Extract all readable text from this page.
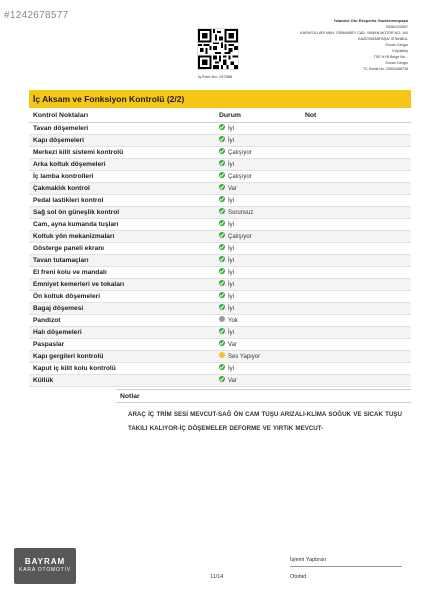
#1242678577
İş Emri No: 197586
İstanbul Oto Ekspertiz Gaziosmanpaşa
05362220067
KARAYOLLARI MAH. OSMANBEY CAD. YAMAN MOTOR NO: 164
GAZİOSMANPAŞA/ İSTANBUL
Özcan Cengiz
Küçükköy
TSE HYB Belge No: -
Özcan Cengiz
TC Kimlik No: 20504468738
İç Aksam ve Fonksiyon Kontrolü (2/2)
Kontrol Noktaları	Durum	Not
Tavan döşemeleri	İyi	
Kapı döşemeleri	İyi	
Merkezi kilit sistemi kontrolü	Çalışıyor	
Arka koltuk döşemeleri	İyi	
İç lamba kontrolleri	Çalışıyor	
Çakmaklık kontrol	Var	
Pedal lastikleri kontrol	İyi	
Sağ sol ön güneşlik kontrol	Sorunsuz	
Cam, ayna kumanda tuşları	İyi	
Koltuk yön mekanizmaları	Çalışıyor	
Gösterge paneli ekranı	İyi	
Tavan tutamaçları	İyi	
El freni kolu ve mandalı	İyi	
Emniyet kemerleri ve tokaları	İyi	
Ön koltuk döşemeleri	İyi	
Bagaj döşemesi	İyi	
Pandizot	Yok	
Halı döşemeleri	İyi	
Paspaslar	Var	
Kapı gergileri kontrolü	Ses Yapıyor	
Kaput iç kilit kolu kontrolü	İyi	
Küllük	Var	
Notlar
ARAÇ İÇ TRİM SESİ MEVCUT-SAĞ ÖN CAM TUŞU ARIZALI-KLİMA SOĞUK VE SICAK TUŞU TAKILI KALIYOR-İÇ DÖŞEMELER DEFORME VE YIRTIK MEVCUT-
BAYRAM
KARA OTOMOTİV
11/14
İşlemi Yapbran
Otobid
